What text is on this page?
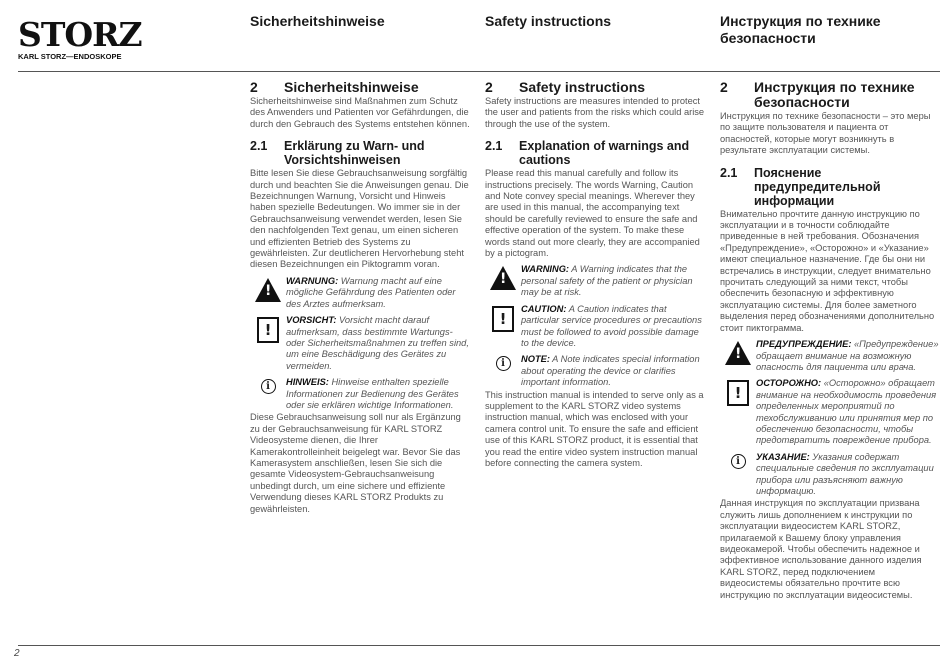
STORZ
KARL STORZ—ENDOSKOPE
Sicherheitshinweise	Safety instructions	Инструкция по технике безопасности
2	Sicherheitshinweise

Sicherheitshinweise sind Maßnahmen zum Schutz des Anwenders und Patienten vor Gefährdungen, die durch den Gebrauch des Systems entstehen können.

2.1	Erklärung zu Warn- und Vorsichtshinweisen

Bitte lesen Sie diese Gebrauchsanweisung sorgfältig durch und beachten Sie die Anweisungen genau. Die Bezeichnungen Warnung, Vorsicht und Hinweis haben spezielle Bedeutungen. Wo immer sie in der Gebrauchsanweisung verwendet werden, lesen Sie den nachfolgenden Text genau, um einen sicheren und effizienten Betrieb des Systems zu gewährleisten. Zur deutlicheren Hervorhebung steht diesen Bezeichnungen ein Piktogramm voran.

!
WARNUNG: Warnung macht auf eine mögliche Gefährdung des Patienten oder des Arztes aufmerksam.
!
VORSICHT: Vorsicht macht darauf aufmerksam, dass bestimmte Wartungs- oder Sicherheitsmaßnahmen zu treffen sind, um eine Beschädigung des Gerätes zu vermeiden.
i	HINWEIS: Hinweise enthalten spezielle Informationen zur Bedienung des Gerätes oder sie erklären wichtige Informationen.

Diese Gebrauchsanweisung soll nur als Ergänzung zu der Gebrauchsanweisung für KARL STORZ Videosysteme dienen, die Ihrer Kamerakontrolleinheit beigelegt war. Bevor Sie das Kamerasystem anschließen, lesen Sie sich die gesamte Videosystem-Gebrauchsanweisung unbedingt durch, um eine sichere und effiziente Verwendung dieses KARL STORZ Produkts zu gewährleisten.

2	Safety instructions

Safety instructions are measures intended to protect the user and patients from the risks which could arise through the use of the system.

2.1	Explanation of warnings and cautions

Please read this manual carefully and follow its instructions precisely. The words Warning, Caution and Note convey special meanings. Wherever they are used in this manual, the accompanying text should be carefully reviewed to ensure the safe and effective operation of the system. To make these words stand out more clearly, they are accompanied by a pictogram.

!
WARNING: A Warning indicates that the personal safety of the patient or physician may be at risk.
!
CAUTION: A Caution indicates that particular service procedures or precautions must be followed to avoid possible damage to the device.
i	NOTE: A Note indicates special information about operating the device or clarifies important information.

This instruction manual is intended to serve only as a supplement to the KARL STORZ video systems instruction manual, which was enclosed with your camera control unit. To ensure the safe and efficient use of this KARL STORZ product, it is essential that you read the entire video system instruction manual before connecting the camera system.

2	Инструкция по технике безопасности

Инструкция по технике безопасности – это меры по защите пользователя и пациента от опасностей, которые могут возникнуть в результате эксплуатации системы.

2.1	Пояснение предупредительной информации

Внимательно прочтите данную инструкцию по эксплуатации и в точности соблюдайте приведенные в ней требования. Обозначения «Предупреждение», «Осторожно» и «Указание» имеют специальное назначение. Где бы они ни встречались в инструкции, следует внимательно прочитать следующий за ними текст, чтобы обеспечить безопасную и эффективную эксплуатацию системы. Для более заметного выделения перед обозначениями дополнительно стоит пиктограмма.

!
ПРЕДУПРЕЖДЕНИЕ: «Предупреждение» обращает внимание на возможную опасность для пациента или врача.
!
ОСТОРОЖНО: «Осторожно» обращает внимание на необходимость проведения определенных мероприятий по техобслуживанию или принятия мер по обеспечению безопасности, чтобы предотвратить повреждение прибора.
i	УКАЗАНИЕ: Указания содержат специальные сведения по эксплуатации прибора или разъясняют важную информацию.

Данная инструкция по эксплуатации призвана служить лишь дополнением к инструкции по эксплуатации видеосистем KARL STORZ, прилагаемой к Вашему блоку управления видеокамерой. Чтобы обеспечить надежное и эффективное использование данного изделия KARL STORZ, перед подключением видеосистемы обязательно прочтите всю инструкцию по эксплуатации видеосистемы.

2
